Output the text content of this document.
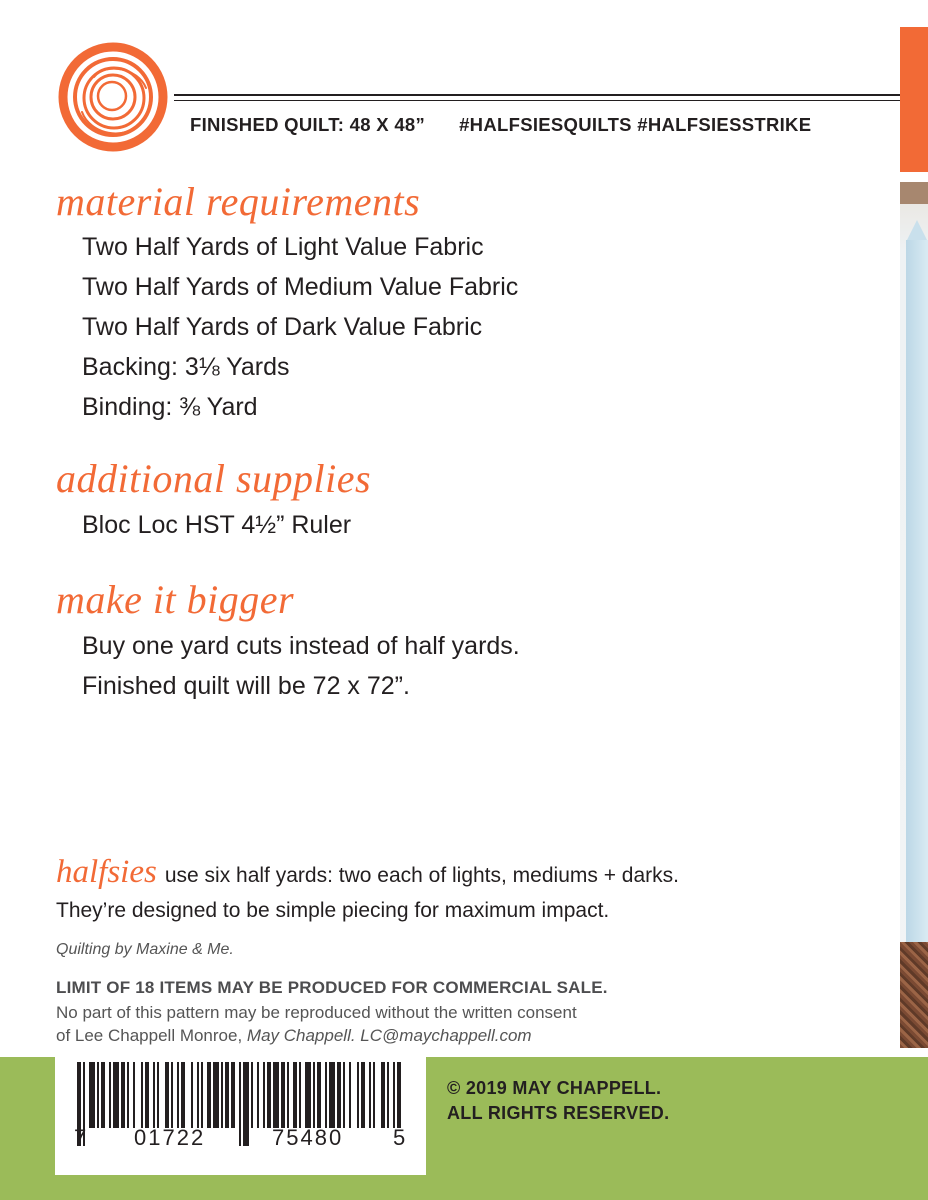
FINISHED QUILT: 48 X 48” #HALFSIESQUILTS #HALFSIESSTRIKE
material requirements
Two Half Yards of Light Value Fabric
Two Half Yards of Medium Value Fabric
Two Half Yards of Dark Value Fabric
Backing: 3⅛ Yards
Binding: ⅜ Yard
additional supplies
Bloc Loc HST 4½” Ruler
make it bigger
Buy one yard cuts instead of half yards.
Finished quilt will be 72 x 72”.
halfsies use six half yards: two each of lights, mediums + darks.
They’re designed to be simple piecing for maximum impact.
Quilting by Maxine & Me.
LIMIT OF 18 ITEMS MAY BE PRODUCED FOR COMMERCIAL SALE.
No part of this pattern may be reproduced without the written consent
of Lee Chappell Monroe, May Chappell. LC@maychappell.com
7 01722	75480 5
© 2019 MAY CHAPPELL.
ALL RIGHTS RESERVED.
